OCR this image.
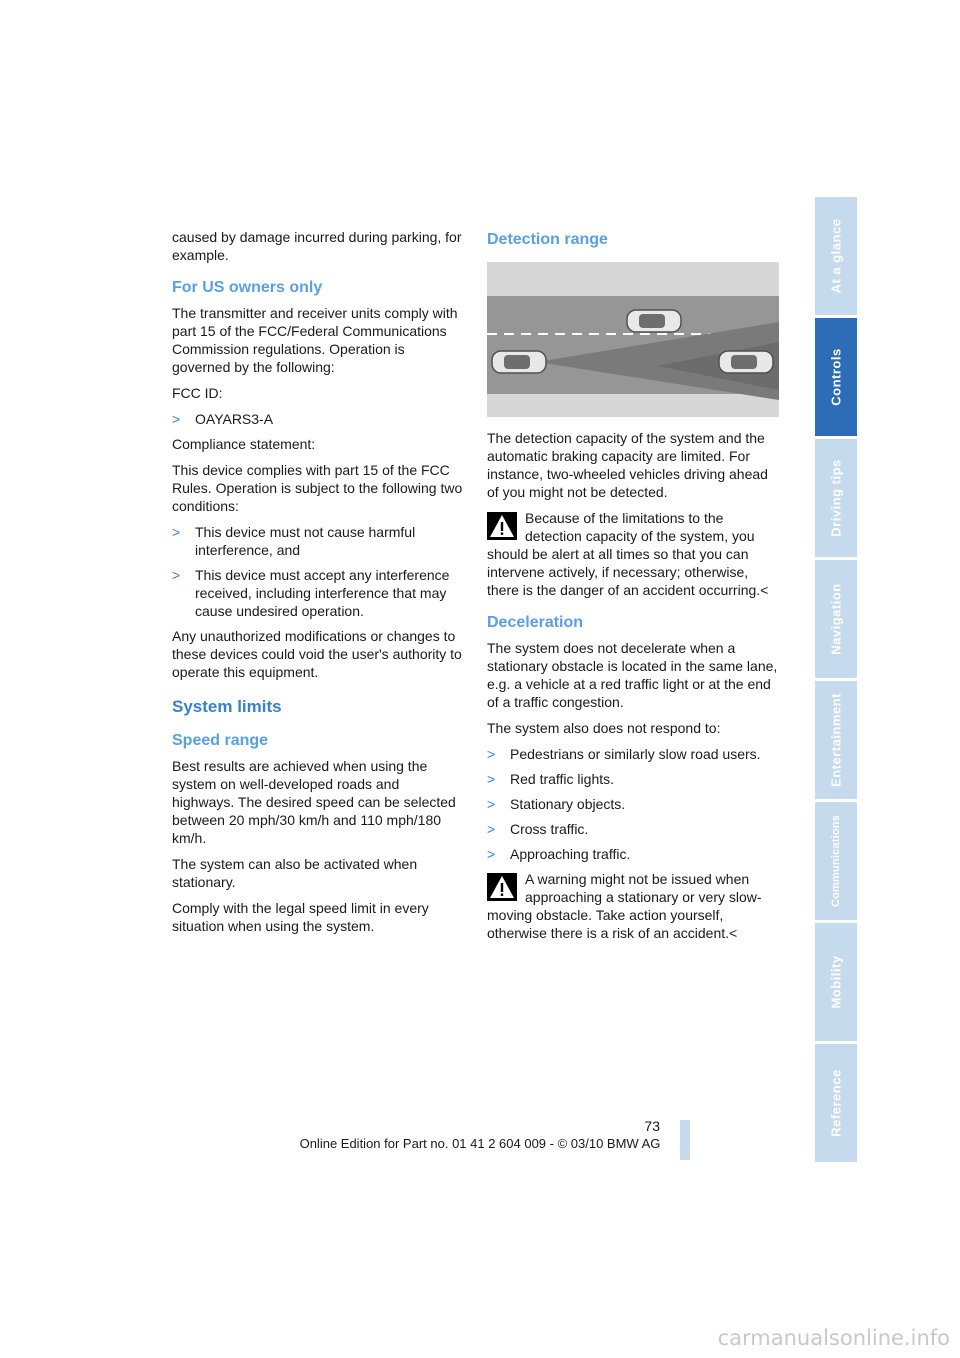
caused by damage incurred during parking, for example.

For US owners only

The transmitter and receiver units comply with part 15 of the FCC/Federal Communications Commission regulations. Operation is governed by the following:

FCC ID:

> OAYARS3-A

Compliance statement:

This device complies with part 15 of the FCC Rules. Operation is subject to the following two conditions:

> This device must not cause harmful interference, and
> This device must accept any interference received, including interference that may cause undesired operation.

Any unauthorized modifications or changes to these devices could void the user's authority to operate this equipment.

System limits
Speed range

Best results are achieved when using the system on well-developed roads and highways. The desired speed can be selected between 20 mph/30 km/h and 110 mph/180 km/h.

The system can also be activated when stationary.

Comply with the legal speed limit in every situation when using the system.

Detection range

The detection capacity of the system and the automatic braking capacity are limited. For instance, two-wheeled vehicles driving ahead of you might not be detected.

Because of the limitations to the detection capacity of the system, you should be alert at all times so that you can intervene actively, if necessary; otherwise, there is the danger of an accident occurring.<
Deceleration

The system does not decelerate when a stationary obstacle is located in the same lane, e.g. a vehicle at a red traffic light or at the end of a traffic congestion.

The system also does not respond to:

> Pedestrians or similarly slow road users.
> Red traffic lights.
> Stationary objects.
> Cross traffic.
> Approaching traffic.
A warning might not be issued when approaching a stationary or very slow-moving obstacle. Take action yourself, otherwise there is a risk of an accident.<
At a glance
Controls
Driving tips
Navigation
Entertainment
Communications
Mobility
Reference
73
Online Edition for Part no. 01 41 2 604 009 - © 03/10 BMW AG
carmanualsonline.info
